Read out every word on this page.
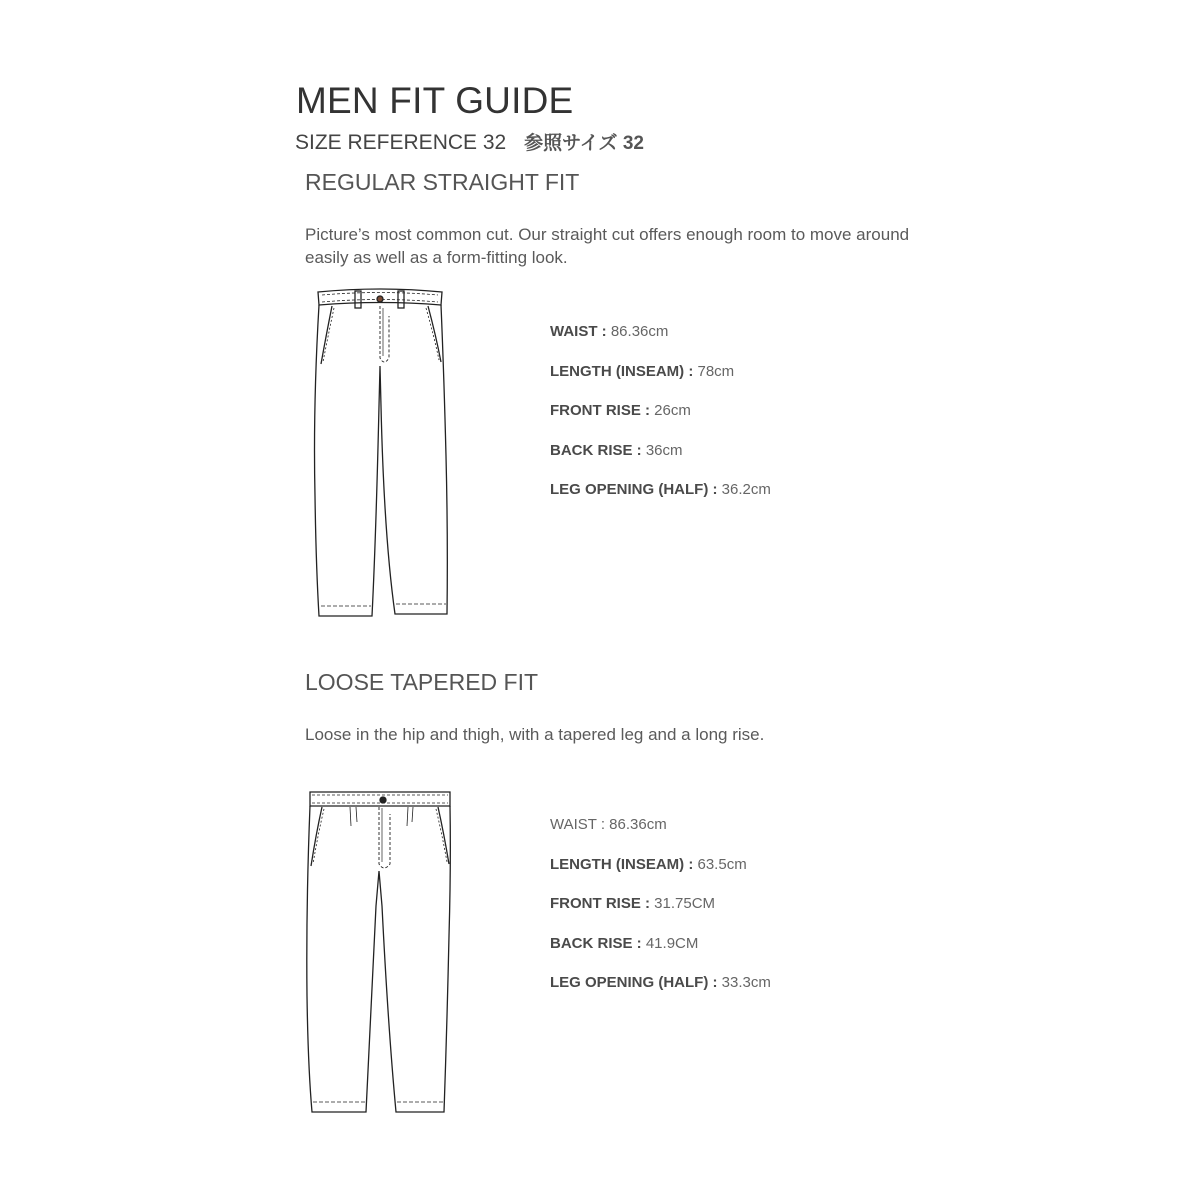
MEN FIT GUIDE
SIZE REFERENCE 32 参照サイズ 32
REGULAR STRAIGHT FIT
Picture’s most common cut. Our straight cut offers enough room to move around easily as well as a form-fitting look.
WAIST : 86.36cm
LENGTH (INSEAM) : 78cm
FRONT RISE : 26cm
BACK RISE : 36cm
LEG OPENING (HALF) : 36.2cm
LOOSE TAPERED FIT
Loose in the hip and thigh, with a tapered leg and a long rise.
WAIST : 86.36cm
LENGTH (INSEAM) : 63.5cm
FRONT RISE : 31.75CM
BACK RISE : 41.9CM
LEG OPENING (HALF) : 33.3cm
